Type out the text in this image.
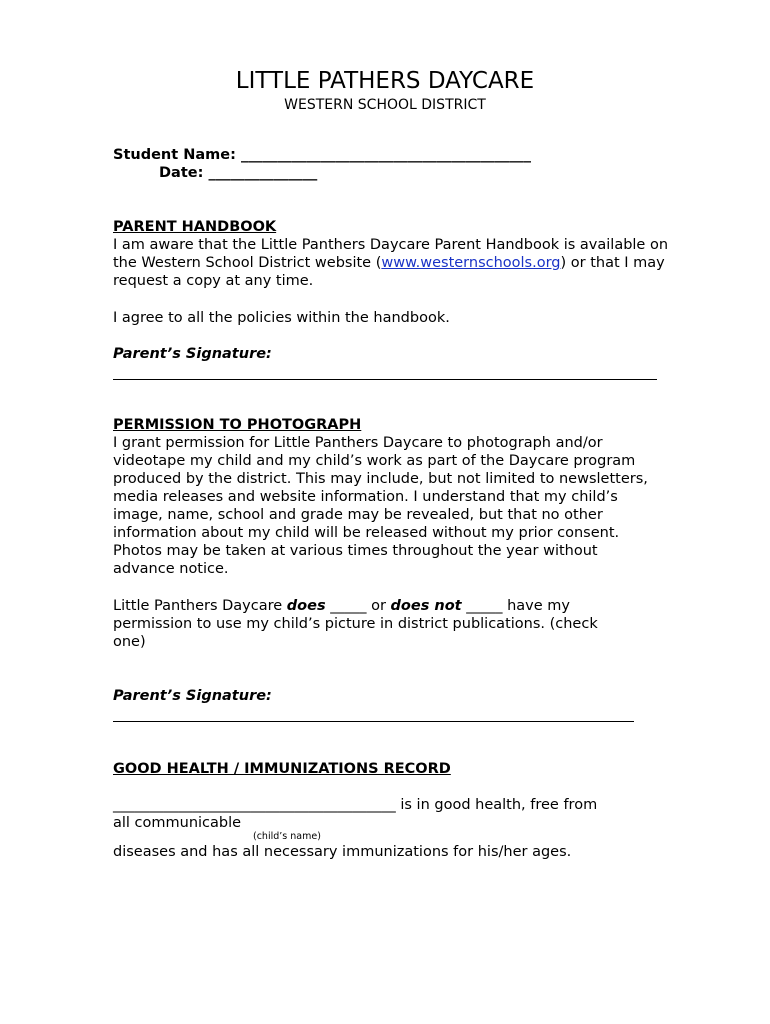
LITTLE PATHERS DAYCARE
WESTERN SCHOOL DISTRICT
Student Name: ________________________________________
Date: _______________

PARENT HANDBOOK

I am aware that the Little Panthers Daycare Parent Handbook is available on the Western School District website (www.westernschools.org) or that I may request a copy at any time.

I agree to all the policies within the handbook.
Parent’s Signature:

PERMISSION TO PHOTOGRAPH

I grant permission for Little Panthers Daycare to photograph and/or videotape my child and my child’s work as part of the Daycare program produced by the district. This may include, but not limited to newsletters, media releases and website information. I understand that my child’s image, name, school and grade may be revealed, but that no other information about my child will be released without my prior consent. Photos may be taken at various times throughout the year without advance notice.

Little Panthers Daycare does _____ or does not _____ have my permission to use my child’s picture in district publications. (check one)
Parent’s Signature:
GOOD HEALTH / IMMUNIZATIONS RECORD
_______________________________________ is in good health, free from
all communicable
(child’s name)
diseases and has all necessary immunizations for his/her ages.
